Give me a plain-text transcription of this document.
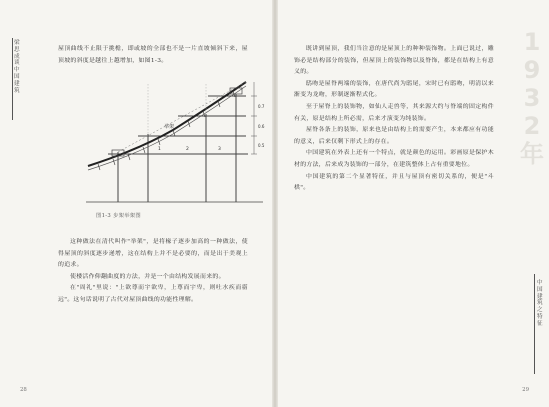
梁思成谈中国建筑
屋顶曲线不止限于挑檐，即或坡的全部也不是一片直坡倾斜下来，屋顶坡的斜度是越往上越增加，如图1-3。
举架
1	2	3
0.7
0.6
0.5
图1-3 步架举架图

这种做法在清代叫作"举架"，是将椽子逐步加高的一种做法，使得屋顶的斜度逐步递增，这在结构上并不是必要的，而是出于美观上的追求。

使楼活作仰翻曲度的方法，并是一个由结构发展而来的。

在"周礼"里说："上欲尊而宇欲卑，上尊而宇卑，则吐水疾而霤远"。这句话说明了古代对屋顶曲线的功能性理解。

28

既讲到屋顶，我们当注意的是屋顶上的种种装饰物。上面已说过，雕饰必是结构部分的装饰，但屋顶上的装饰物以及脊饰，都是在结构上有意义的。

鸱吻是屋脊两端的装饰，在唐代尚为鸱尾，宋时已有鸱吻，明清以来渐变为龙吻，形制逐渐程式化。

至于屋脊上的装饰物，如仙人走兽等，其来源大约与脊端的固定构件有关，原是结构上所必需，后来才演变为纯装饰。

屋脊各条上的装饰，原来也是由结构上的需要产生，本来都应有功能的意义，后来仅剩下形式上的存在。

中国建筑在外表上还有一个特点，就是颜色的运用。彩画原是保护木材的方法，后来成为装饰的一部分，在建筑整体上占有重要地位。

中国建筑的第二个显著特征，并且与屋顶有密切关系的，便是"斗栱"。

1932年
中国建筑之特征
29
